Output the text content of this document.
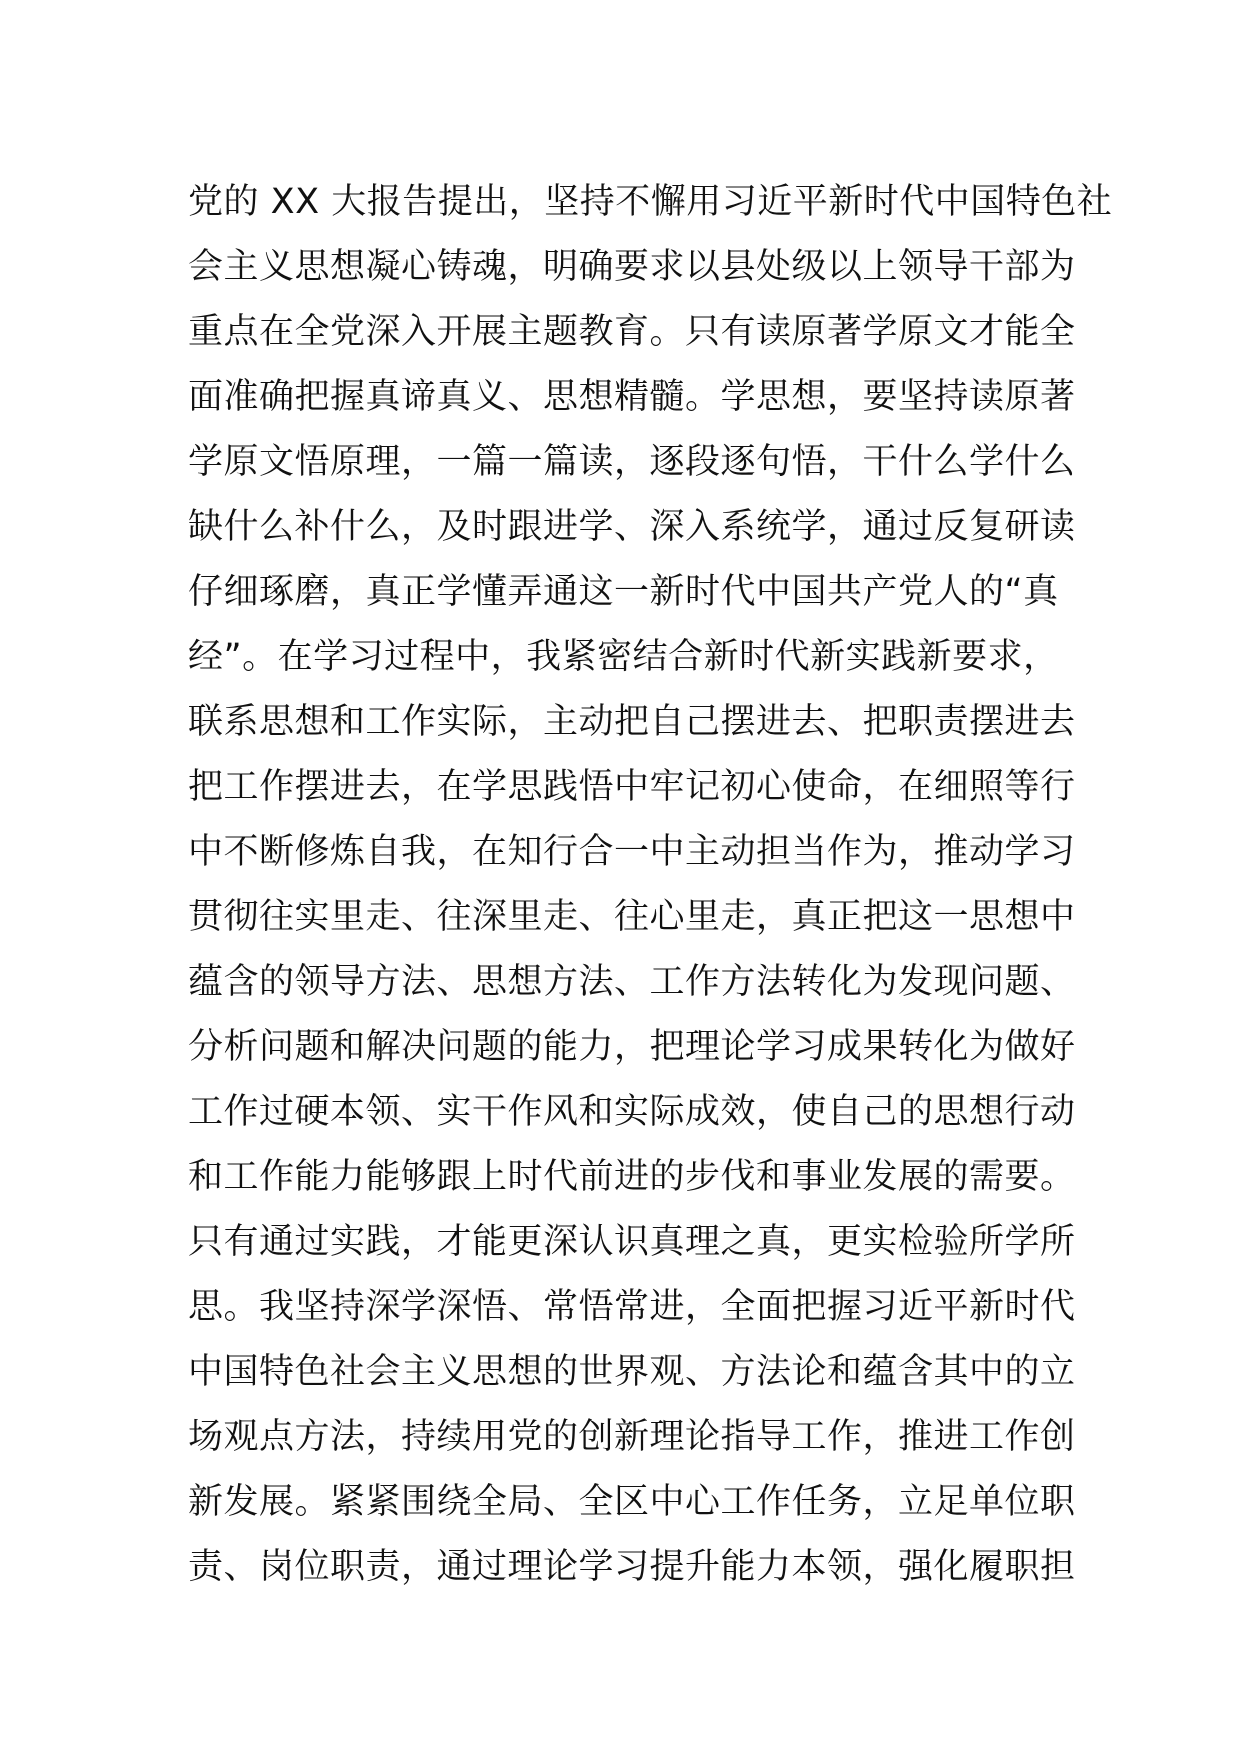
党的 XX 大报告提出，坚持不懈用习近平新时代中国特色社
会主义思想凝心铸魂，明确要求以县处级以上领导干部为
重点在全党深入开展主题教育。只有读原著学原文才能全
面准确把握真谛真义、思想精髓。学思想，要坚持读原著
学原文悟原理，一篇一篇读，逐段逐句悟，干什么学什么
缺什么补什么，及时跟进学、深入系统学，通过反复研读
仔细琢磨，真正学懂弄通这一新时代中国共产党人的“真
经”。在学习过程中，我紧密结合新时代新实践新要求，
联系思想和工作实际，主动把自己摆进去、把职责摆进去
把工作摆进去，在学思践悟中牢记初心使命，在细照等行
中不断修炼自我，在知行合一中主动担当作为，推动学习
贯彻往实里走、往深里走、往心里走，真正把这一思想中
蕴含的领导方法、思想方法、工作方法转化为发现问题、
分析问题和解决问题的能力，把理论学习成果转化为做好
工作过硬本领、实干作风和实际成效，使自己的思想行动
和工作能力能够跟上时代前进的步伐和事业发展的需要。
只有通过实践，才能更深认识真理之真，更实检验所学所
思。我坚持深学深悟、常悟常进，全面把握习近平新时代
中国特色社会主义思想的世界观、方法论和蕴含其中的立
场观点方法，持续用党的创新理论指导工作，推进工作创
新发展。紧紧围绕全局、全区中心工作任务，立足单位职
责、岗位职责，通过理论学习提升能力本领，强化履职担
